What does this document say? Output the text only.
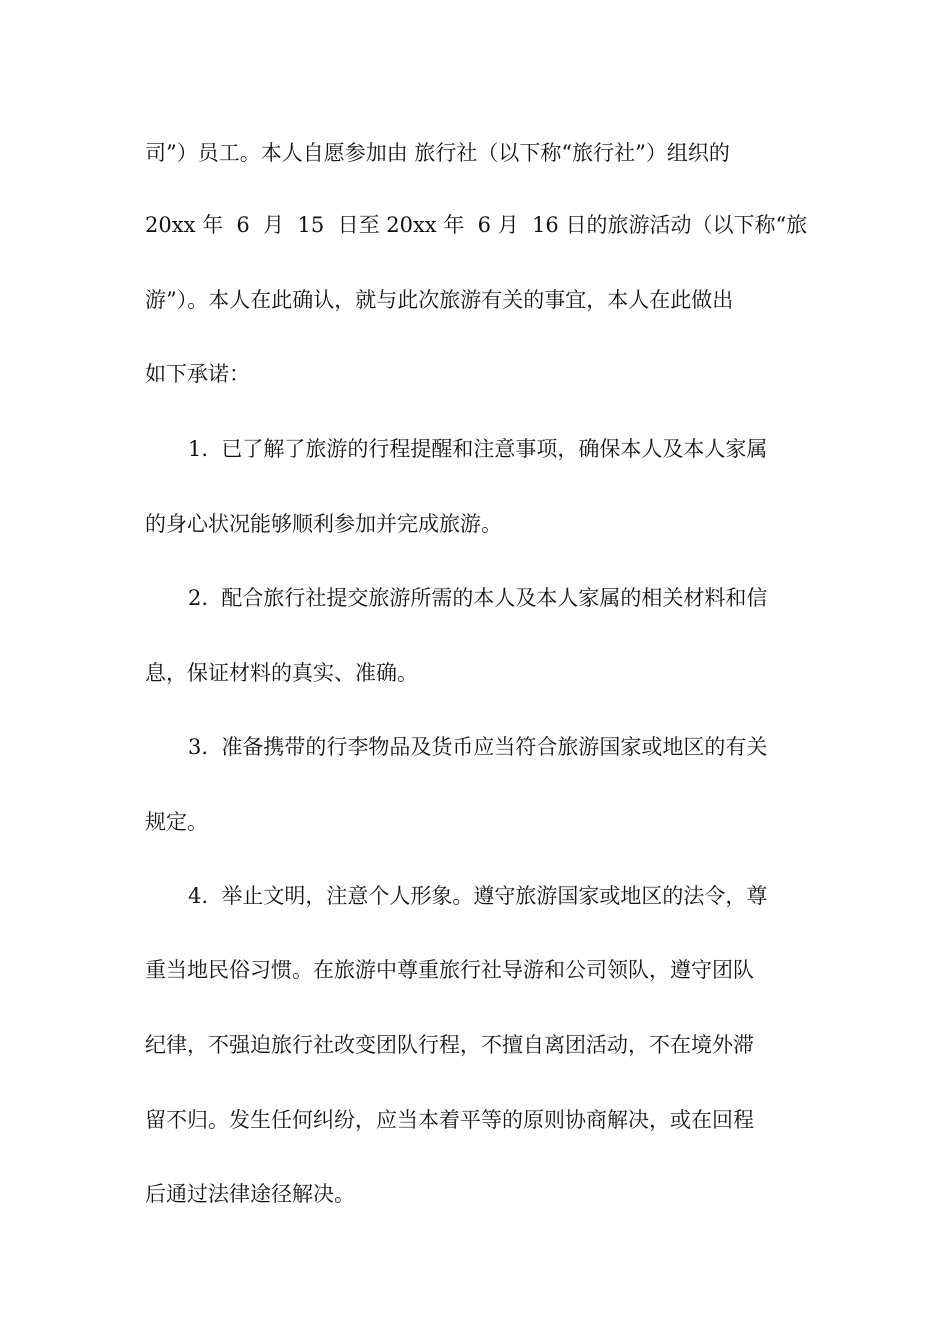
司”）员工。本人自愿参加由 旅行社（以下称“旅行社”）组织的
20xx 年  6  月  15  日至 20xx 年  6 月  16 日的旅游活动（以下称“旅
游”）。本人在此确认，就与此次旅游有关的事宜，本人在此做出
如下承诺：
1.  已了解了旅游的行程提醒和注意事项，确保本人及本人家属
的身心状况能够顺利参加并完成旅游。
2.  配合旅行社提交旅游所需的本人及本人家属的相关材料和信
息，保证材料的真实、准确。
3.  准备携带的行李物品及货币应当符合旅游国家或地区的有关
规定。
4.  举止文明，注意个人形象。遵守旅游国家或地区的法令，尊
重当地民俗习惯。在旅游中尊重旅行社导游和公司领队，遵守团队
纪律，不强迫旅行社改变团队行程，不擅自离团活动，不在境外滞
留不归。发生任何纠纷，应当本着平等的原则协商解决，或在回程
后通过法律途径解决。
